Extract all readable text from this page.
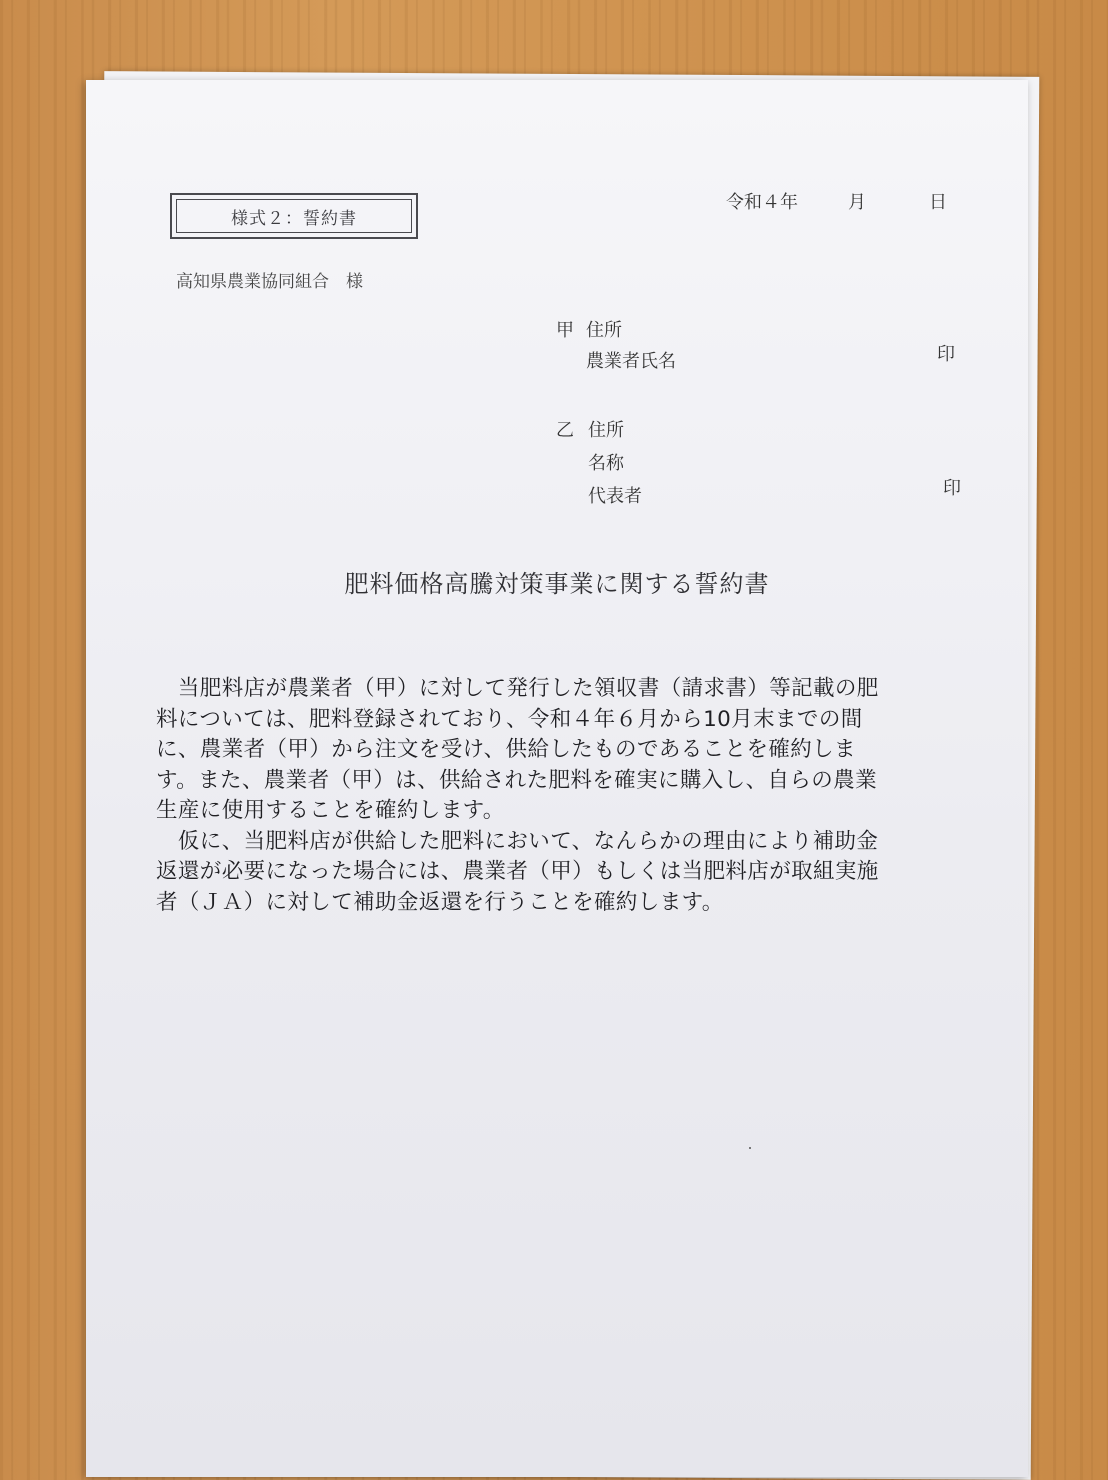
様式２：誓約書
令和４年	月	日
高知県農業協同組合　様
甲 住所
農業者氏名	印
乙 住所
名称
代表者	印
肥料価格高騰対策事業に関する誓約書

　当肥料店が農業者（甲）に対して発行した領収書（請求書）等記載の肥
料については、肥料登録されており、令和４年６月から10月末までの間
に、農業者（甲）から注文を受け、供給したものであることを確約しま
す。また、農業者（甲）は、供給された肥料を確実に購入し、自らの農業
生産に使用することを確約します。

　仮に、当肥料店が供給した肥料において、なんらかの理由により補助金
返還が必要になった場合には、農業者（甲）もしくは当肥料店が取組実施
者（ＪＡ）に対して補助金返還を行うことを確約します。
